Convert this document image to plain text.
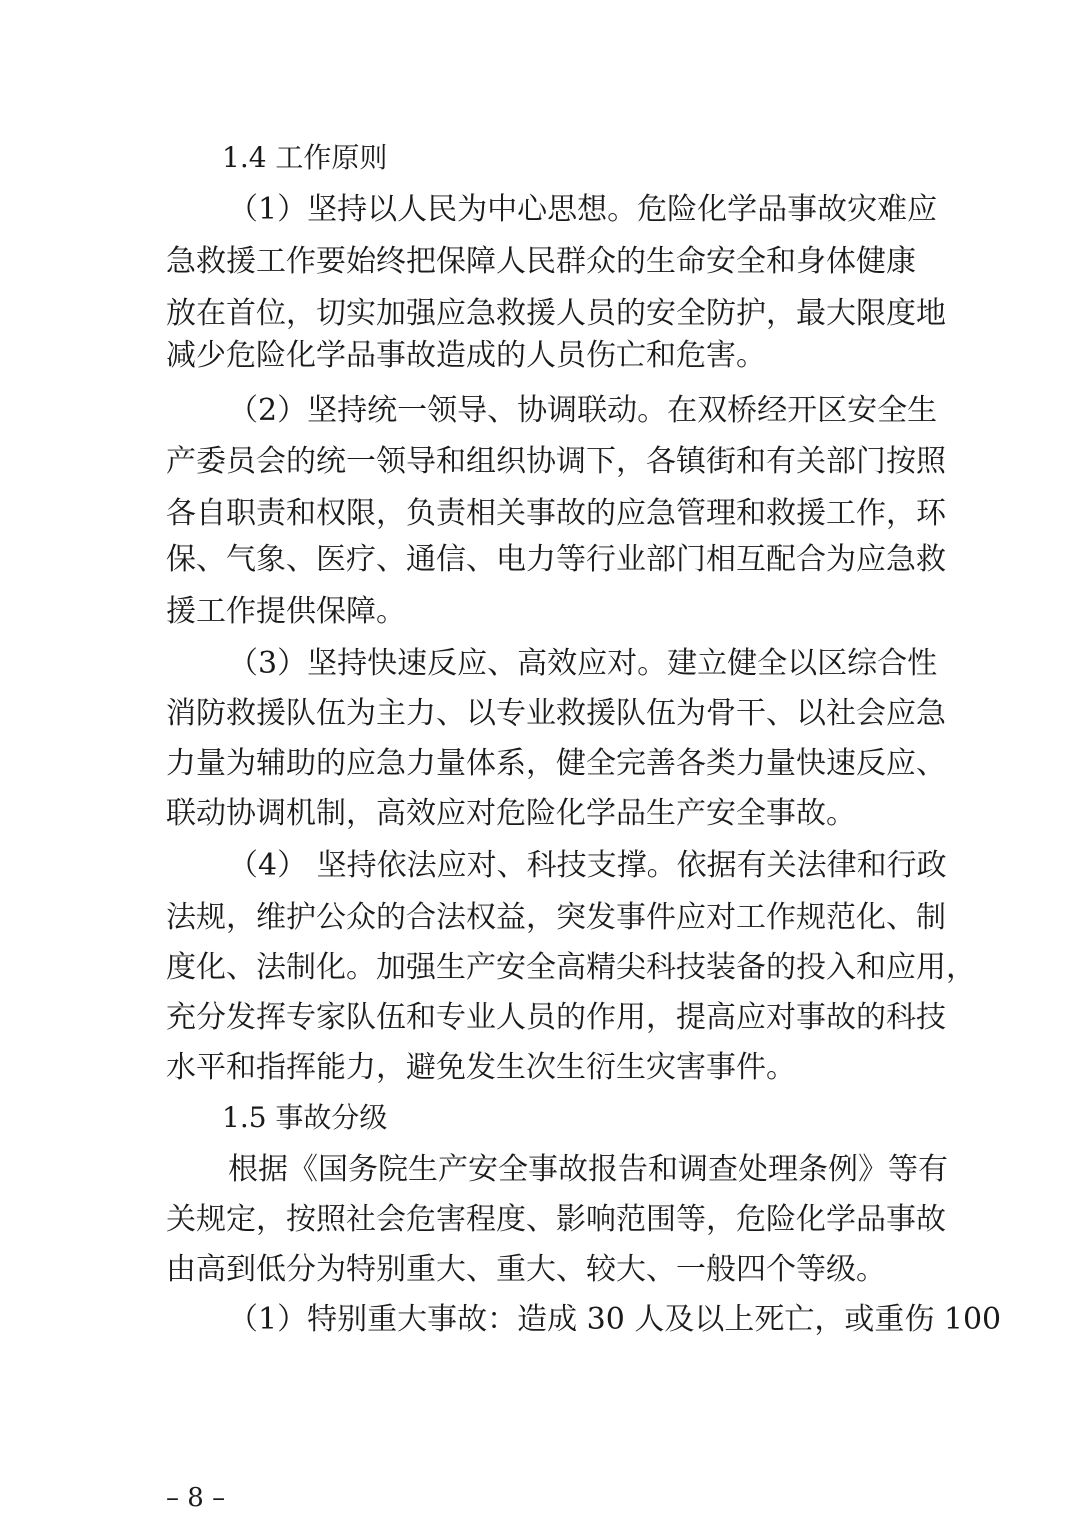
1.4 工作原则
（1）坚持以人民为中心思想。危险化学品事故灾难应
急救援工作要始终把保障人民群众的生命安全和身体健康
放在首位，切实加强应急救援人员的安全防护，最大限度地
减少危险化学品事故造成的人员伤亡和危害。
（2）坚持统一领导、协调联动。在双桥经开区安全生
产委员会的统一领导和组织协调下，各镇街和有关部门按照
各自职责和权限，负责相关事故的应急管理和救援工作，环
保、气象、医疗、通信、电力等行业部门相互配合为应急救
援工作提供保障。
（3）坚持快速反应、高效应对。建立健全以区综合性
消防救援队伍为主力、以专业救援队伍为骨干、以社会应急
力量为辅助的应急力量体系，健全完善各类力量快速反应、
联动协调机制，高效应对危险化学品生产安全事故。
（4） 坚持依法应对、科技支撑。依据有关法律和行政
法规，维护公众的合法权益，突发事件应对工作规范化、制
度化、法制化。加强生产安全高精尖科技装备的投入和应用，
充分发挥专家队伍和专业人员的作用，提高应对事故的科技
水平和指挥能力，避免发生次生衍生灾害事件。
1.5 事故分级
根据《国务院生产安全事故报告和调查处理条例》等有
关规定，按照社会危害程度、影响范围等，危险化学品事故
由高到低分为特别重大、重大、较大、一般四个等级。
（1）特别重大事故：造成 30 人及以上死亡，或重伤 100
– 8 –
